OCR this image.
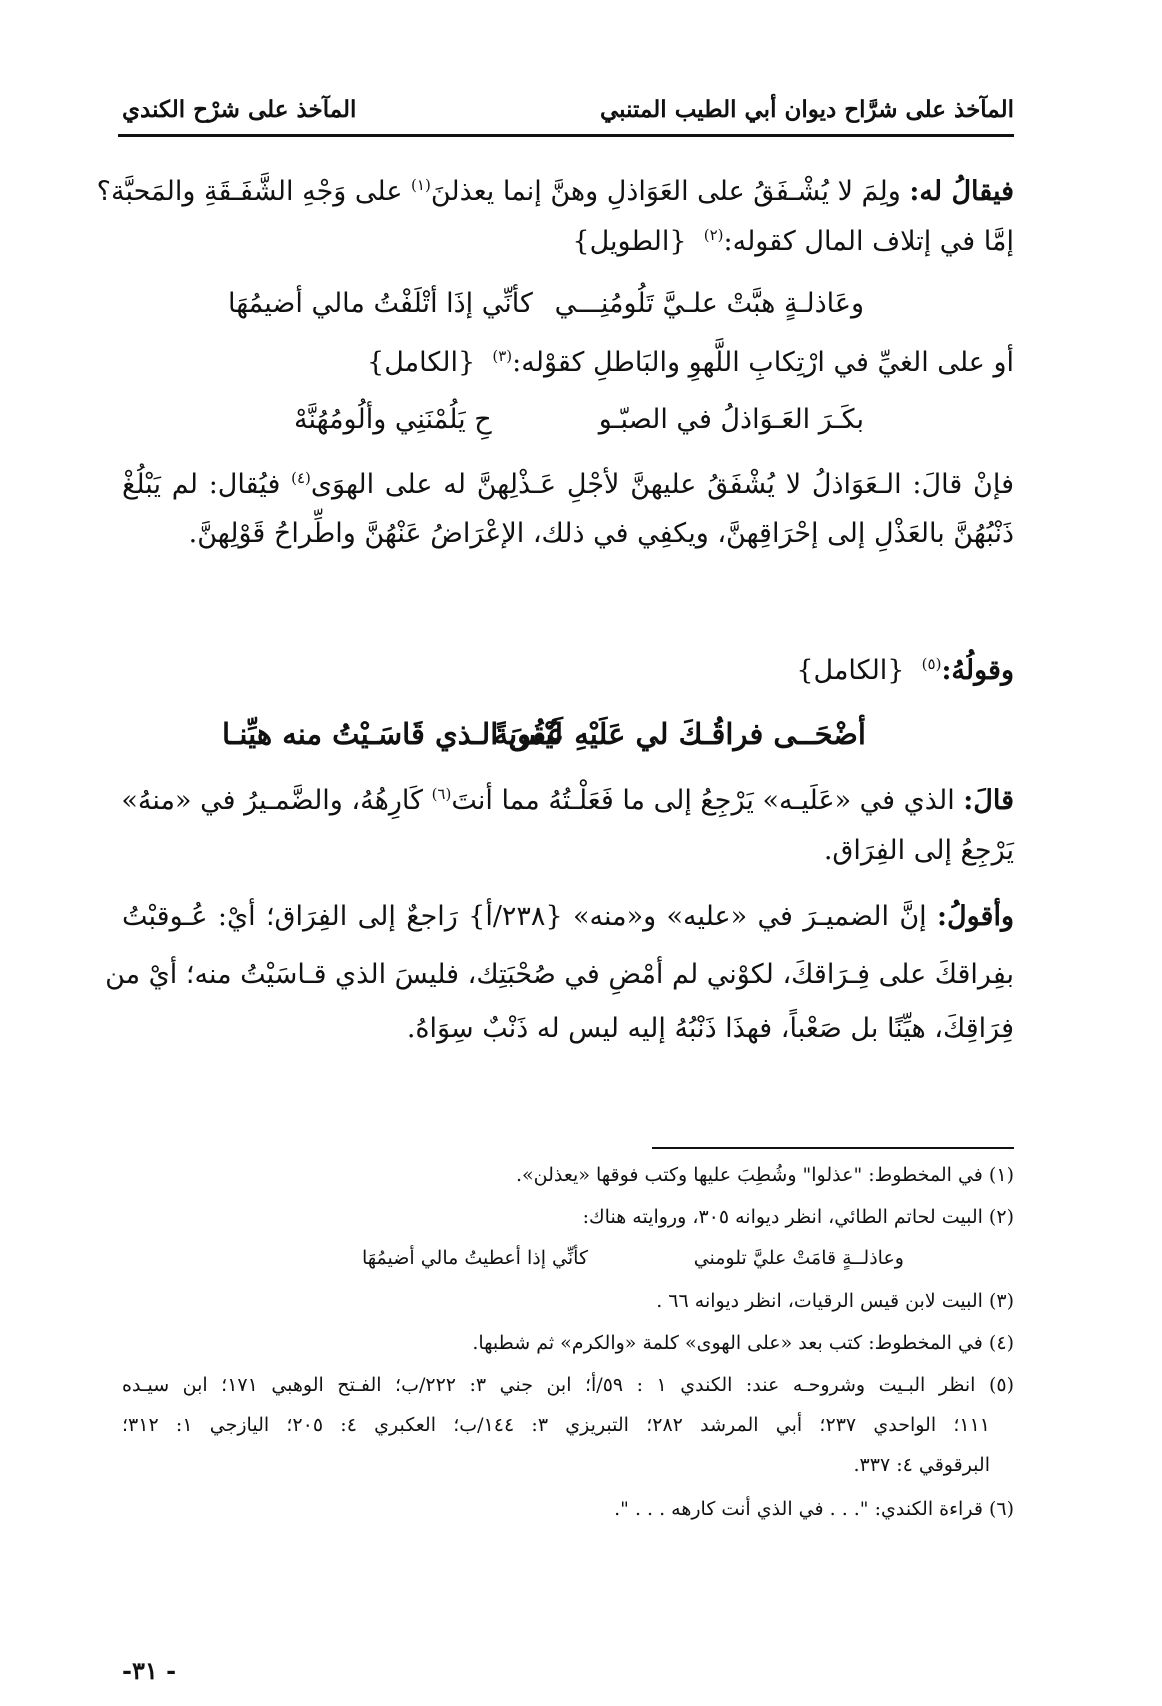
المآخذ على شرَّاح ديوان أبي الطيب المتنبي
المآخذ على شرْح الكندي
فيقالُ له: ولِمَ لا يُشْـفَقُ على العَوَاذلِ وهنَّ إنما يعذلنَ$^{(١)}$ على وَجْهِ الشَّفَـقَةِ والمَحبَّة؟
إمَّا في إتلاف المال كقوله:$^{(٢)}$  {الطويل}
وعَاذلـةٍ هبَّتْ علـيَّ تَلُومُنِـــي
كأنِّي إذَا أتْلَفْتُ مالي أضيمُهَا
أو على الغيِّ في ارْتِكابِ اللَّهوِ والبَاطلِ كقوْله:$^{(٣)}$  {الكامل}
بكَـرَ العَـوَاذلُ في الصبّـو
حِ يَلُمْنَنِي وألُومُهُنَّهْ
فإنْ قالَ: الـعَوَاذلُ لا يُشْفَقُ عليهنَّ لأجْلِ عَـذْلِهنَّ له على الهوَى$^{(٤)}$ فيُقال: لم يَبْلُغْ
ذَنْبُهُنَّ بالعَذْلِ إلى إحْرَاقِهنَّ، ويكفِي في ذلك، الإعْرَاضُ عَنْهُنَّ واطِّراحُ قَوْلِهنَّ.
وقولُهُ:$^{(٥)}$  {الكامل}
أضْحَــى فراقُـكَ لي عَلَيْهِ عُقُوبةً
لَيْسَ الـذي قَاسَـيْتُ منه هيِّنـا
قالَ: الذي في «عَلَيـه» يَرْجِعُ إلى ما فَعَلْـتُهُ مما أنتَ$^{(٦)}$ كَارِهُهُ، والضَّمـيرُ في «منهُ»
يَرْجِعُ إلى الفِرَاق.
وأقولُ: إنَّ الضميـرَ في «عليه» و«منه» {٢٣٨/أ} رَاجعٌ إلى الفِرَاق؛ أيْ: عُـوقبْتُ
بفِراقكَ على فِـرَاقكَ، لكوْني لم أمْضِ في صُحْبَتِك، فليسَ الذي قـاسَيْتُ منه؛ أيْ من
فِرَاقِكَ، هيِّنًا بل صَعْباً، فهذَا ذَنْبُهُ إليه ليس له ذَنْبٌ سِوَاهُ.
(١) في المخطوط: "عذلوا" وشُطِبَ عليها وكتب فوقها «يعذلن».
(٢) البيت لحاتم الطائي، انظر ديوانه ٣٠٥، وروايته هناك:
وعاذلــةٍ قامَتْ عليَّ تلومني
كأنِّي إذا أعطيتُ مالي أضيمُهَا
(٣) البيت لابن قيس الرقيات، انظر ديوانه ٦٦ .
(٤) في المخطوط: كتب بعد «على الهوى» كلمة «والكرم» ثم شطبها.
(٥) انظر البـيت وشروحـه عند: الكندي ١ : ٥٩/أ؛ ابن جني ٣: ٢٢٢/ب؛ الفـتح الوهبي ١٧١؛ ابن سيـده
١١١؛ الواحدي ٢٣٧؛ أبي المرشد ٢٨٢؛ التبريزي ٣: ١٤٤/ب؛ العكبري ٤: ٢٠٥؛ اليازجي ١: ٣١٢؛
البرقوقي ٤: ٣٣٧.
(٦) قراءة الكندي: ". . . في الذي أنت كارهه . . . ".
-٣١ -
